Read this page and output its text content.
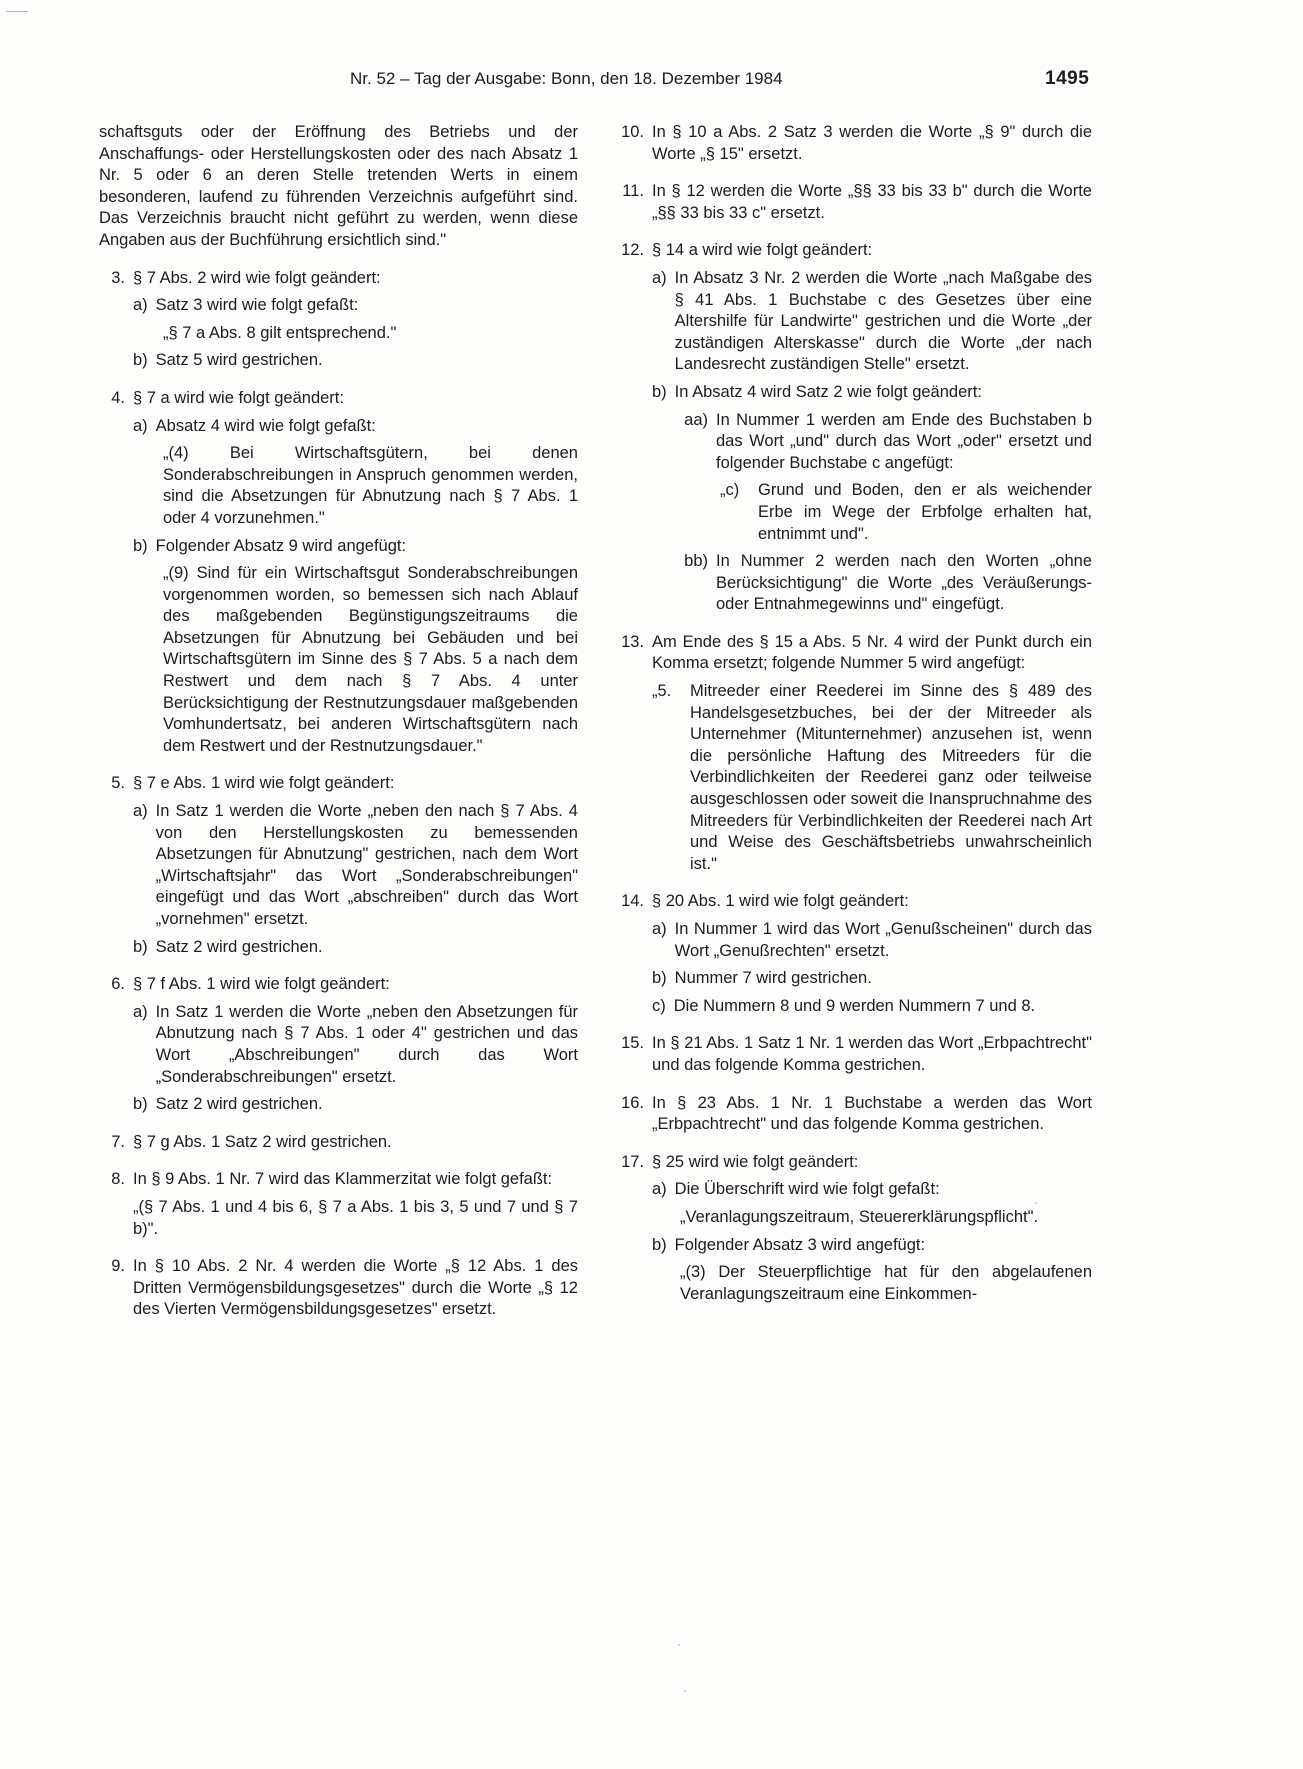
Nr. 52 – Tag der Ausgabe: Bonn, den 18. Dezember 1984	1495

schaftsguts oder der Eröffnung des Betriebs und der Anschaffungs- oder Herstellungskosten oder des nach Absatz 1 Nr. 5 oder 6 an deren Stelle tretenden Werts in einem besonderen, laufend zu führenden Verzeichnis aufgeführt sind. Das Verzeichnis braucht nicht geführt zu werden, wenn diese Angaben aus der Buchführung ersichtlich sind."

3. § 7 Abs. 2 wird wie folgt geändert:

a) Satz 3 wird wie folgt gefaßt:

„§ 7 a Abs. 8 gilt entsprechend."

b) Satz 5 wird gestrichen.

4. § 7 a wird wie folgt geändert:

a) Absatz 4 wird wie folgt gefaßt:

„(4) Bei Wirtschaftsgütern, bei denen Sonderabschreibungen in Anspruch genommen werden, sind die Absetzungen für Abnutzung nach § 7 Abs. 1 oder 4 vorzunehmen."

b) Folgender Absatz 9 wird angefügt:

„(9) Sind für ein Wirtschaftsgut Sonderabschreibungen vorgenommen worden, so bemessen sich nach Ablauf des maßgebenden Begünstigungszeitraums die Absetzungen für Abnutzung bei Gebäuden und bei Wirtschaftsgütern im Sinne des § 7 Abs. 5 a nach dem Restwert und dem nach § 7 Abs. 4 unter Berücksichtigung der Restnutzungsdauer maßgebenden Vomhundertsatz, bei anderen Wirtschaftsgütern nach dem Restwert und der Restnutzungsdauer."

5. § 7 e Abs. 1 wird wie folgt geändert:

a) In Satz 1 werden die Worte „neben den nach § 7 Abs. 4 von den Herstellungskosten zu bemessenden Absetzungen für Abnutzung" gestrichen, nach dem Wort „Wirtschaftsjahr" das Wort „Sonderabschreibungen" eingefügt und das Wort „abschreiben" durch das Wort „vornehmen" ersetzt.

b) Satz 2 wird gestrichen.

6. § 7 f Abs. 1 wird wie folgt geändert:

a) In Satz 1 werden die Worte „neben den Absetzungen für Abnutzung nach § 7 Abs. 1 oder 4" gestrichen und das Wort „Abschreibungen" durch das Wort „Sonderabschreibungen" ersetzt.

b) Satz 2 wird gestrichen.

7. § 7 g Abs. 1 Satz 2 wird gestrichen.

8. In § 9 Abs. 1 Nr. 7 wird das Klammerzitat wie folgt gefaßt:

„(§ 7 Abs. 1 und 4 bis 6, § 7 a Abs. 1 bis 3, 5 und 7 und § 7 b)".

9. In § 10 Abs. 2 Nr. 4 werden die Worte „§ 12 Abs. 1 des Dritten Vermögensbildungsgesetzes" durch die Worte „§ 12 des Vierten Vermögensbildungsgesetzes" ersetzt.

10. In § 10 a Abs. 2 Satz 3 werden die Worte „§ 9" durch die Worte „§ 15" ersetzt.

11. In § 12 werden die Worte „§§ 33 bis 33 b" durch die Worte „§§ 33 bis 33 c" ersetzt.

12. § 14 a wird wie folgt geändert:

a) In Absatz 3 Nr. 2 werden die Worte „nach Maßgabe des § 41 Abs. 1 Buchstabe c des Gesetzes über eine Altershilfe für Landwirte" gestrichen und die Worte „der zuständigen Alterskasse" durch die Worte „der nach Landesrecht zuständigen Stelle" ersetzt.

b) In Absatz 4 wird Satz 2 wie folgt geändert:

aa) In Nummer 1 werden am Ende des Buchstaben b das Wort „und" durch das Wort „oder" ersetzt und folgender Buchstabe c angefügt:

„c)	Grund und Boden, den er als weichender Erbe im Wege der Erbfolge erhalten hat, entnimmt und".

bb) In Nummer 2 werden nach den Worten „ohne Berücksichtigung" die Worte „des Veräußerungs- oder Entnahmegewinns und" eingefügt.

13. Am Ende des § 15 a Abs. 5 Nr. 4 wird der Punkt durch ein Komma ersetzt; folgende Nummer 5 wird angefügt:

„5.	Mitreeder einer Reederei im Sinne des § 489 des Handelsgesetzbuches, bei der der Mitreeder als Unternehmer (Mitunternehmer) anzusehen ist, wenn die persönliche Haftung des Mitreeders für die Verbindlichkeiten der Reederei ganz oder teilweise ausgeschlossen oder soweit die Inanspruchnahme des Mitreeders für Verbindlichkeiten der Reederei nach Art und Weise des Geschäftsbetriebs unwahrscheinlich ist."

14. § 20 Abs. 1 wird wie folgt geändert:

a) In Nummer 1 wird das Wort „Genußscheinen" durch das Wort „Genußrechten" ersetzt.

b) Nummer 7 wird gestrichen.

c) Die Nummern 8 und 9 werden Nummern 7 und 8.

15. In § 21 Abs. 1 Satz 1 Nr. 1 werden das Wort „Erbpachtrecht" und das folgende Komma gestrichen.

16. In § 23 Abs. 1 Nr. 1 Buchstabe a werden das Wort „Erbpachtrecht" und das folgende Komma gestrichen.

17. § 25 wird wie folgt geändert:

a) Die Überschrift wird wie folgt gefaßt:

„Veranlagungszeitraum, Steuererklärungspflicht".

b) Folgender Absatz 3 wird angefügt:

„(3) Der Steuerpflichtige hat für den abgelaufenen Veranlagungszeitraum eine Einkommen-
